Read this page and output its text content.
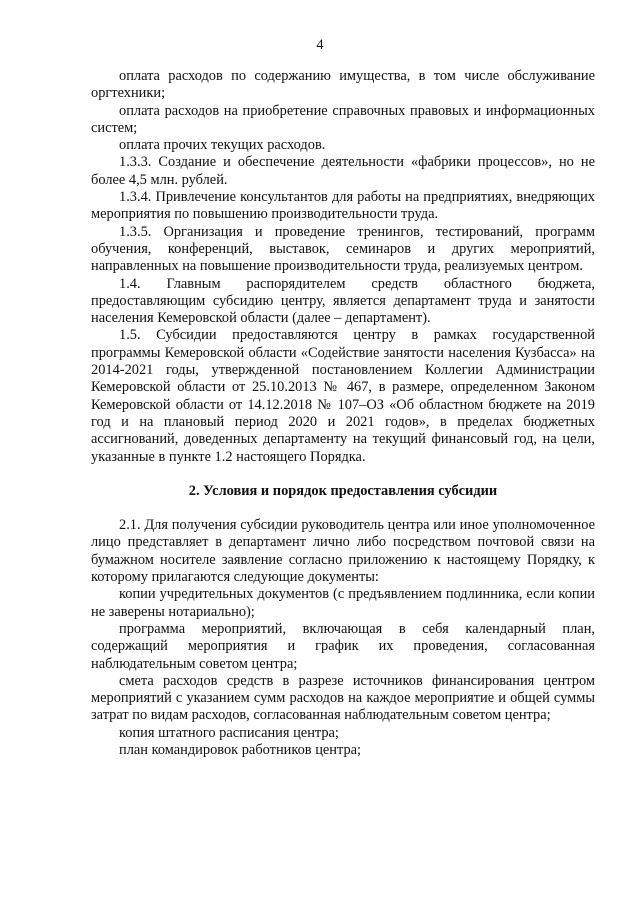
4

оплата расходов по содержанию имущества, в том числе обслуживание оргтехники;

оплата расходов на приобретение справочных правовых и информационных систем;

оплата прочих текущих расходов.

1.3.3. Создание и обеспечение деятельности «фабрики процессов», но не более 4,5 млн. рублей.

1.3.4. Привлечение консультантов для работы на предприятиях, внедряющих мероприятия по повышению производительности труда.

1.3.5. Организация и проведение тренингов, тестирований, программ обучения, конференций, выставок, семинаров и других мероприятий, направленных на повышение производительности труда, реализуемых центром.

1.4. Главным распорядителем средств областного бюджета, предоставляющим субсидию центру, является департамент труда и занятости населения Кемеровской области (далее – департамент).

1.5. Субсидии предоставляются центру в рамках государственной программы Кемеровской области «Содействие занятости населения Кузбасса» на 2014-2021 годы, утвержденной постановлением Коллегии Администрации Кемеровской области от 25.10.2013 № 467, в размере, определенном Законом Кемеровской области от 14.12.2018 № 107–ОЗ «Об областном бюджете на 2019 год и на плановый период 2020 и 2021 годов», в пределах бюджетных ассигнований, доведенных департаменту на текущий финансовый год, на цели, указанные в пункте 1.2 настоящего Порядка.

2. Условия и порядок предоставления субсидии

2.1. Для получения субсидии руководитель центра или иное уполномоченное лицо представляет в департамент лично либо посредством почтовой связи на бумажном носителе заявление согласно приложению к настоящему Порядку, к которому прилагаются следующие документы:

копии учредительных документов (с предъявлением подлинника, если копии не заверены нотариально);

программа мероприятий, включающая в себя календарный план, содержащий мероприятия и график их проведения, согласованная наблюдательным советом центра;

смета расходов средств в разрезе источников финансирования центром мероприятий с указанием сумм расходов на каждое мероприятие и общей суммы затрат по видам расходов, согласованная наблюдательным советом центра;

копия штатного расписания центра;

план командировок работников центра;
